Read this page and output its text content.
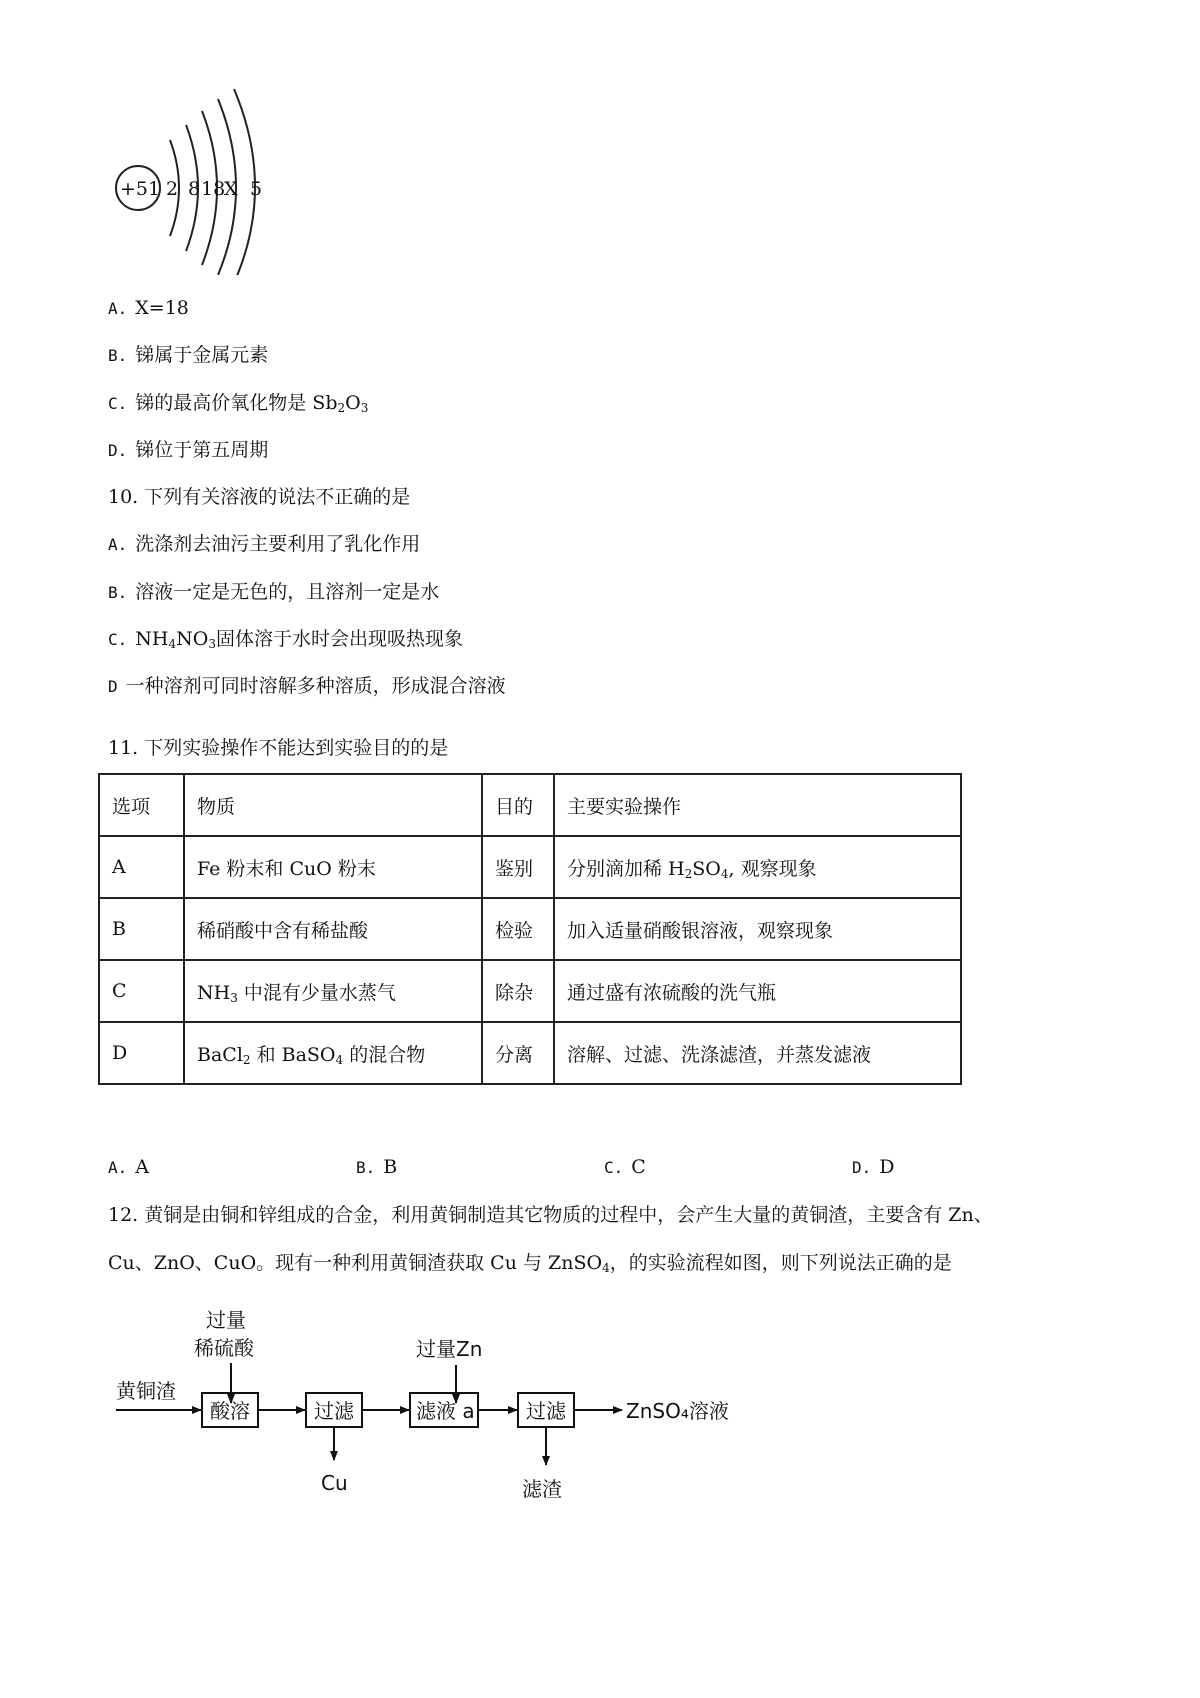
+51 2 8 18
X 5
A. X=18
B. 锑属于金属元素
C. 锑的最高价氧化物是 $Sb_2O_3$
D. 锑位于第五周期
10. 下列有关溶液的说法不正确的是
A. 洗涤剂去油污主要利用了乳化作用
B. 溶液一定是无色的，且溶剂一定是水
C. $NH_4NO_3$固体溶于水时会出现吸热现象
D 一种溶剂可同时溶解多种溶质，形成混合溶液
11. 下列实验操作不能达到实验目的的是
选项	物质	目的	主要实验操作
A	Fe 粉末和 CuO 粉末	鉴别	分别滴加稀 $H_2SO_4$, 观察现象
B	稀硝酸中含有稀盐酸	检验	加入适量硝酸银溶液，观察现象
C	$NH_3$ 中混有少量水蒸气	除杂	通过盛有浓硫酸的洗气瓶
D	BaCl$_2$ 和 BaSO$_4$ 的混合物	分离	溶解、过滤、洗涤滤渣，并蒸发滤液
A. A	B. B	C. C	D. D
12. 黄铜是由铜和锌组成的合金，利用黄铜制造其它物质的过程中，会产生大量的黄铜渣，主要含有 Zn、
Cu、ZnO、CuO。现有一种利用黄铜渣获取 Cu 与 ZnSO$_4$，的实验流程如图，则下列说法正确的是
过量
稀硫酸	过量Zn
黄铜渣
酸溶	过滤
Cu
滤液 a	过滤	ZnSO₄溶液
滤渣
